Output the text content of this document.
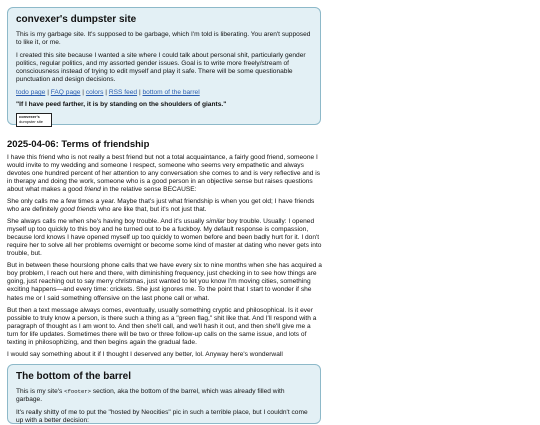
convexer's dumpster site

This is my garbage site. It's supposed to be garbage, which I'm told is liberating. You aren't supposed to like it, or me.

I created this site because I wanted a site where I could talk about personal shit, particularly gender politics, regular politics, and my assorted gender issues. Goal is to write more freely/stream of consciousness instead of trying to edit myself and play it safe. There will be some questionable punctuation and design decisions.

todo page | FAQ page | colors | RSS feed | bottom of the barrel

"If I have peed farther, it is by standing on the shoulders of giants."

convexer's
dumpster site
2025-04-06: Terms of friendship

I have this friend who is not really a best friend but not a total acquaintance, a fairly good friend, someone I would invite to my wedding and someone I respect, someone who seems very empathetic and always devotes one hundred percent of her attention to any conversation she comes to and is very reflective and is in therapy and doing the work, someone who is a good person in an objective sense but raises questions about what makes a good friend in the relative sense BECAUSE:

She only calls me a few times a year. Maybe that's just what friendship is when you get old; I have friends who are definitely good friends who are like that, but it's not just that.

She always calls me when she's having boy trouble. And it's usually similar boy trouble. Usually: I opened myself up too quickly to this boy and he turned out to be a fuckboy. My default response is compassion, because lord knows I have opened myself up too quickly to women before and been badly hurt for it. I don't require her to solve all her problems overnight or become some kind of master at dating who never gets into trouble, but.

But in between these hourslong phone calls that we have every six to nine months when she has acquired a boy problem, I reach out here and there, with diminishing frequency, just checking in to see how things are going, just reaching out to say merry christmas, just wanted to let you know I'm moving cities, something exciting happens—and every time: crickets. She just ignores me. To the point that I start to wonder if she hates me or I said something offensive on the last phone call or what.

But then a text message always comes, eventually, usually something cryptic and philosophical. Is it ever possible to truly know a person, is there such a thing as a "green flag," shit like that. And I'll respond with a paragraph of thought as I am wont to. And then she'll call, and we'll hash it out, and then she'll give me a turn for life updates. Sometimes there will be two or three follow-up calls on the same issue, and lots of texting in philosophizing, and then begins again the gradual fade.

I would say something about it if I thought I deserved any better, lol. Anyway here's wonderwall

The bottom of the barrel

This is my site's <footer> section, aka the bottom of the barrel, which was already filled with garbage.

It's really shitty of me to put the "hosted by Neocities" pic in such a terrible place, but I couldn't come up with a better decision:
